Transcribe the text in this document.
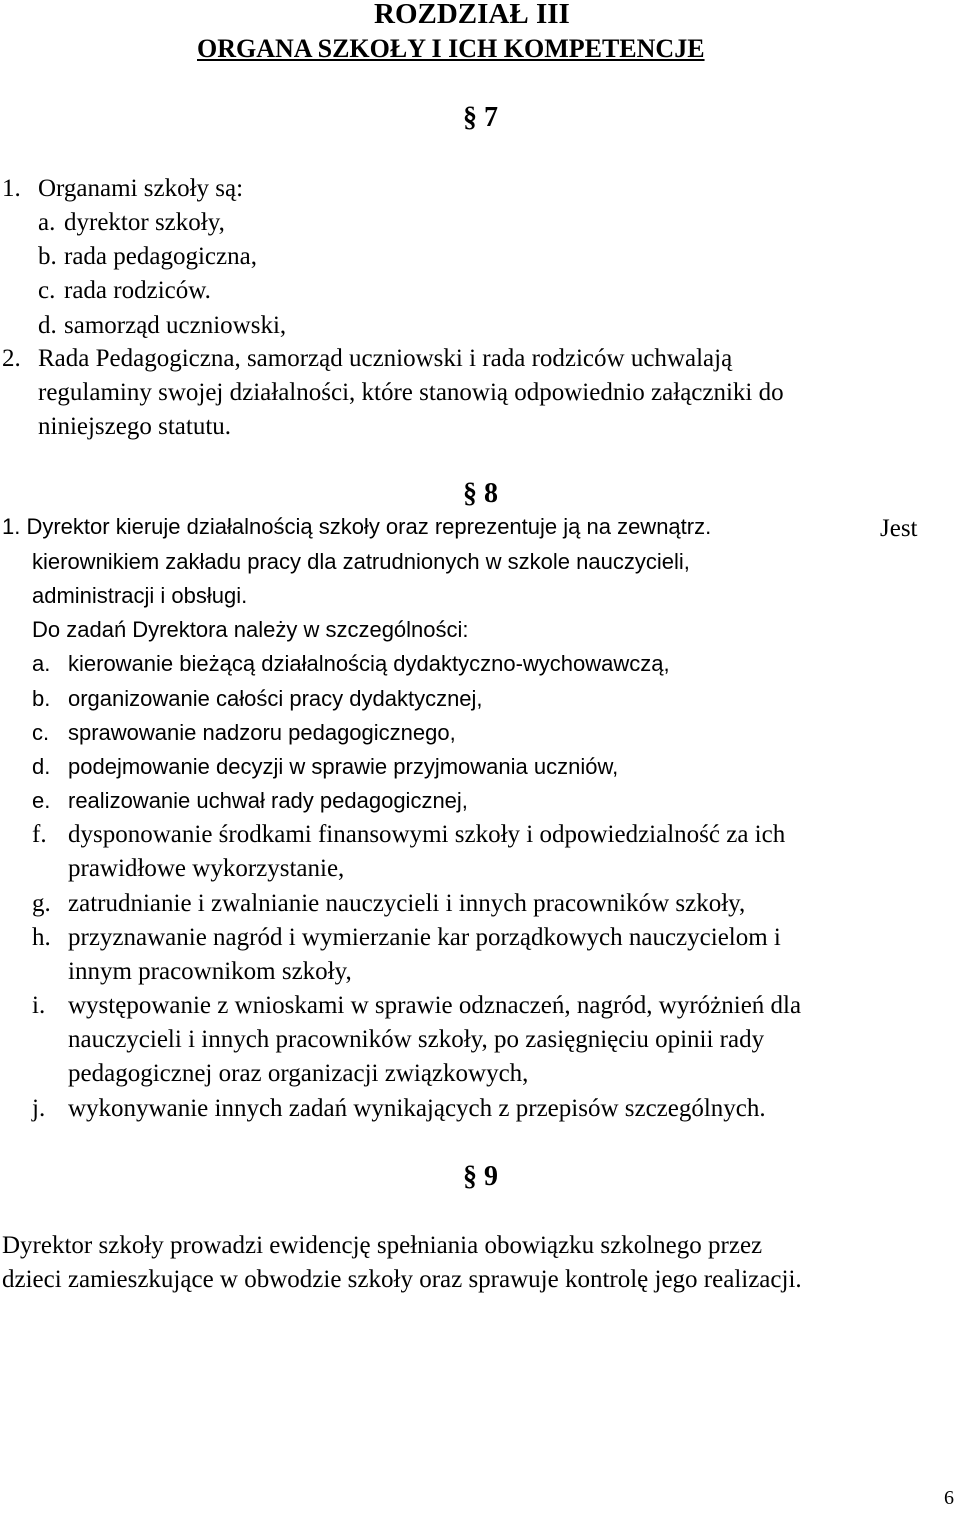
ROZDZIAŁ III
ORGANA SZKOŁY I ICH KOMPETENCJE
§ 7
1. Organami szkoły są:
a. dyrektor szkoły,
b. rada pedagogiczna,
c. rada rodziców.
d. samorząd uczniowski,
2. Rada Pedagogiczna, samorząd uczniowski i rada rodziców uchwalają
regulaminy swojej działalności, które stanowią odpowiednio załączniki do
niniejszego statutu.
§ 8
1. Dyrektor kieruje działalnością szkoły oraz reprezentuje ją na zewnątrz.	Jest
kierownikiem zakładu pracy dla zatrudnionych w szkole nauczycieli,
administracji i obsługi.
Do zadań Dyrektora należy w szczególności:
a. kierowanie bieżącą działalnością dydaktyczno-wychowawczą,
b. organizowanie całości pracy dydaktycznej,
c. sprawowanie nadzoru pedagogicznego,
d. podejmowanie decyzji w sprawie przyjmowania uczniów,
e. realizowanie uchwał rady pedagogicznej,
f. dysponowanie środkami finansowymi szkoły i odpowiedzialność za ich
prawidłowe wykorzystanie,
g. zatrudnianie i zwalnianie nauczycieli i innych pracowników szkoły,
h. przyznawanie nagród i wymierzanie kar porządkowych nauczycielom i
innym pracownikom szkoły,
i. występowanie z wnioskami w sprawie odznaczeń, nagród, wyróżnień dla
nauczycieli i innych pracowników szkoły, po zasięgnięciu opinii rady
pedagogicznej oraz organizacji związkowych,
j. wykonywanie innych zadań wynikających z przepisów szczególnych.
§ 9
Dyrektor szkoły prowadzi ewidencję spełniania obowiązku szkolnego przez
dzieci zamieszkujące w obwodzie szkoły oraz sprawuje kontrolę jego realizacji.
6
